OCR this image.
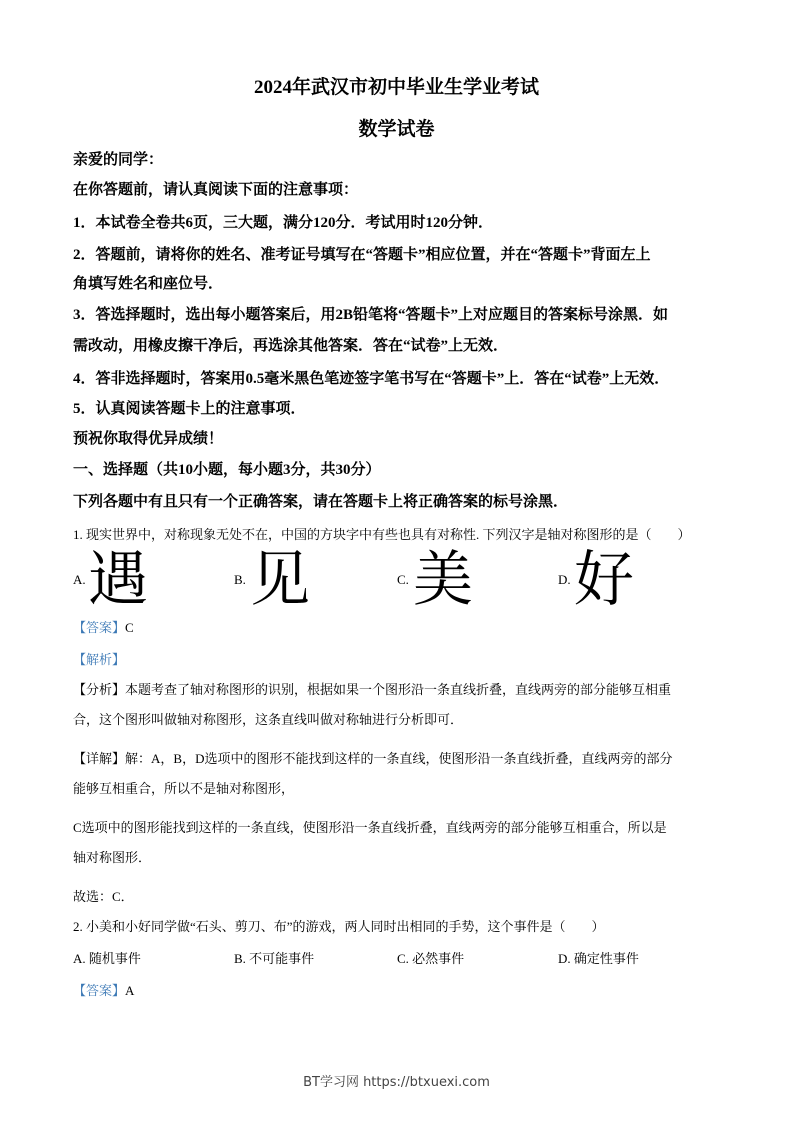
2024年武汉市初中毕业生学业考试
数学试卷
亲爱的同学：
在你答题前，请认真阅读下面的注意事项：
1．本试卷全卷共6页，三大题，满分120分．考试用时120分钟．
2．答题前，请将你的姓名、准考证号填写在“答题卡”相应位置，并在“答题卡”背面左上
角填写姓名和座位号．
3．答选择题时，选出每小题答案后，用2B铅笔将“答题卡”上对应题目的答案标号涂黑．如
需改动，用橡皮擦干净后，再选涂其他答案．答在“试卷”上无效．
4．答非选择题时，答案用0.5毫米黑色笔迹签字笔书写在“答题卡”上．答在“试卷”上无效．
5．认真阅读答题卡上的注意事项．
预祝你取得优异成绩！
一、选择题（共10小题，每小题3分，共30分）
下列各题中有且只有一个正确答案，请在答题卡上将正确答案的标号涂黑．
1. 现实世界中，对称现象无处不在，中国的方块字中有些也具有对称性. 下列汉字是轴对称图形的是（　　）
A. 遇	B. 见	C. 美	D. 好
【答案】C
【解析】
【分析】本题考查了轴对称图形的识别，根据如果一个图形沿一条直线折叠，直线两旁的部分能够互相重
合，这个图形叫做轴对称图形，这条直线叫做对称轴进行分析即可．
【详解】解：A，B，D选项中的图形不能找到这样的一条直线，使图形沿一条直线折叠，直线两旁的部分
能够互相重合，所以不是轴对称图形，
C选项中的图形能找到这样的一条直线，使图形沿一条直线折叠，直线两旁的部分能够互相重合，所以是
轴对称图形．
故选：C．
2. 小美和小好同学做“石头、剪刀、布”的游戏，两人同时出相同的手势，这个事件是（　　）
A. 随机事件	B. 不可能事件	C. 必然事件	D. 确定性事件
【答案】A
BT学习网 https://btxuexi.com
